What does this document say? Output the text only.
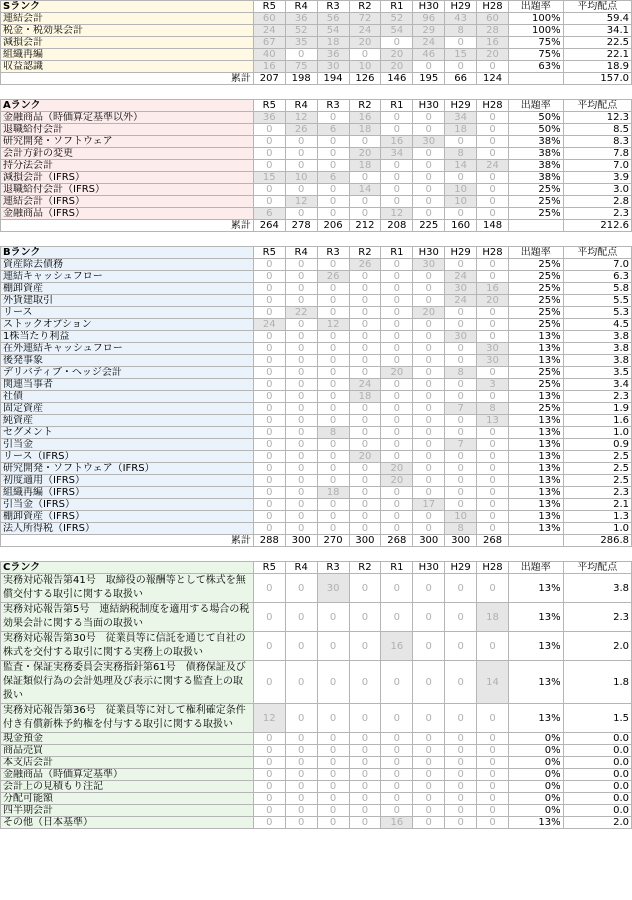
Sランク	R5	R4	R3	R2	R1	H30	H29	H28	出題率	平均配点
連結会計	60	36	56	72	52	96	43	60	100%	59.4
税金・税効果会計	24	52	54	24	54	29	8	28	100%	34.1
減損会計	67	35	18	20	0	24	0	16	75%	22.5
組織再編	40	0	36	0	20	46	15	20	75%	22.1
収益認識	16	75	30	10	20	0	0	0	63%	18.9
累計	207	198	194	126	146	195	66	124		157.0
Aランク	R5	R4	R3	R2	R1	H30	H29	H28	出題率	平均配点
金融商品（時価算定基準以外）	36	12	0	16	0	0	34	0	50%	12.3
退職給付会計	0	26	6	18	0	0	18	0	50%	8.5
研究開発・ソフトウェア	0	0	0	0	16	30	0	0	38%	8.3
会計方針の変更	0	0	0	20	34	0	8	0	38%	7.8
持分法会計	0	0	0	18	0	0	14	24	38%	7.0
減損会計（IFRS）	15	10	6	0	0	0	0	0	38%	3.9
退職給付会計（IFRS）	0	0	0	14	0	0	10	0	25%	3.0
連結会計（IFRS）	0	12	0	0	0	0	10	0	25%	2.8
金融商品（IFRS）	6	0	0	0	12	0	0	0	25%	2.3
累計	264	278	206	212	208	225	160	148		212.6
Bランク	R5	R4	R3	R2	R1	H30	H29	H28	出題率	平均配点
資産除去債務	0	0	0	26	0	30	0	0	25%	7.0
連結キャッシュフロー	0	0	26	0	0	0	24	0	25%	6.3
棚卸資産	0	0	0	0	0	0	30	16	25%	5.8
外貨建取引	0	0	0	0	0	0	24	20	25%	5.5
リース	0	22	0	0	0	20	0	0	25%	5.3
ストックオプション	24	0	12	0	0	0	0	0	25%	4.5
1株当たり利益	0	0	0	0	0	0	30	0	13%	3.8
在外連結キャッシュフロー	0	0	0	0	0	0	0	30	13%	3.8
後発事象	0	0	0	0	0	0	0	30	13%	3.8
デリバティブ・ヘッジ会計	0	0	0	0	20	0	8	0	25%	3.5
関連当事者	0	0	0	24	0	0	0	3	25%	3.4
社債	0	0	0	18	0	0	0	0	13%	2.3
固定資産	0	0	0	0	0	0	7	8	25%	1.9
純資産	0	0	0	0	0	0	0	13	13%	1.6
セグメント	0	0	8	0	0	0	0	0	13%	1.0
引当金	0	0	0	0	0	0	7	0	13%	0.9
リース（IFRS）	0	0	0	20	0	0	0	0	13%	2.5
研究開発・ソフトウェア（IFRS）	0	0	0	0	20	0	0	0	13%	2.5
初度適用（IFRS）	0	0	0	0	20	0	0	0	13%	2.5
組織再編（IFRS）	0	0	18	0	0	0	0	0	13%	2.3
引当金（IFRS）	0	0	0	0	0	17	0	0	13%	2.1
棚卸資産（IFRS）	0	0	0	0	0	0	10	0	13%	1.3
法人所得税（IFRS）	0	0	0	0	0	0	8	0	13%	1.0
累計	288	300	270	300	268	300	300	268		286.8
Cランク	R5	R4	R3	R2	R1	H30	H29	H28	出題率	平均配点
実務対応報告第41号　取締役の報酬等として株式を無償交付する取引に関する取扱い	0	0	30	0	0	0	0	0	13%	3.8
実務対応報告第5号　連結納税制度を適用する場合の税効果会計に関する当面の取扱い	0	0	0	0	0	0	0	18	13%	2.3
実務対応報告第30号　従業員等に信託を通じて自社の株式を交付する取引に関する実務上の取扱い	0	0	0	0	16	0	0	0	13%	2.0
監査・保証実務委員会実務指針第61号　債務保証及び保証類似行為の会計処理及び表示に関する監査上の取扱い	0	0	0	0	0	0	0	14	13%	1.8
実務対応報告第36号　従業員等に対して権利確定条件付き有償新株予約権を付与する取引に関する取扱い	12	0	0	0	0	0	0	0	13%	1.5
現金預金	0	0	0	0	0	0	0	0	0%	0.0
商品売買	0	0	0	0	0	0	0	0	0%	0.0
本支店会計	0	0	0	0	0	0	0	0	0%	0.0
金融商品（時価算定基準）	0	0	0	0	0	0	0	0	0%	0.0
会計上の見積もり注記	0	0	0	0	0	0	0	0	0%	0.0
分配可能額	0	0	0	0	0	0	0	0	0%	0.0
四半期会計	0	0	0	0	0	0	0	0	0%	0.0
その他（日本基準）	0	0	0	0	16	0	0	0	13%	2.0
